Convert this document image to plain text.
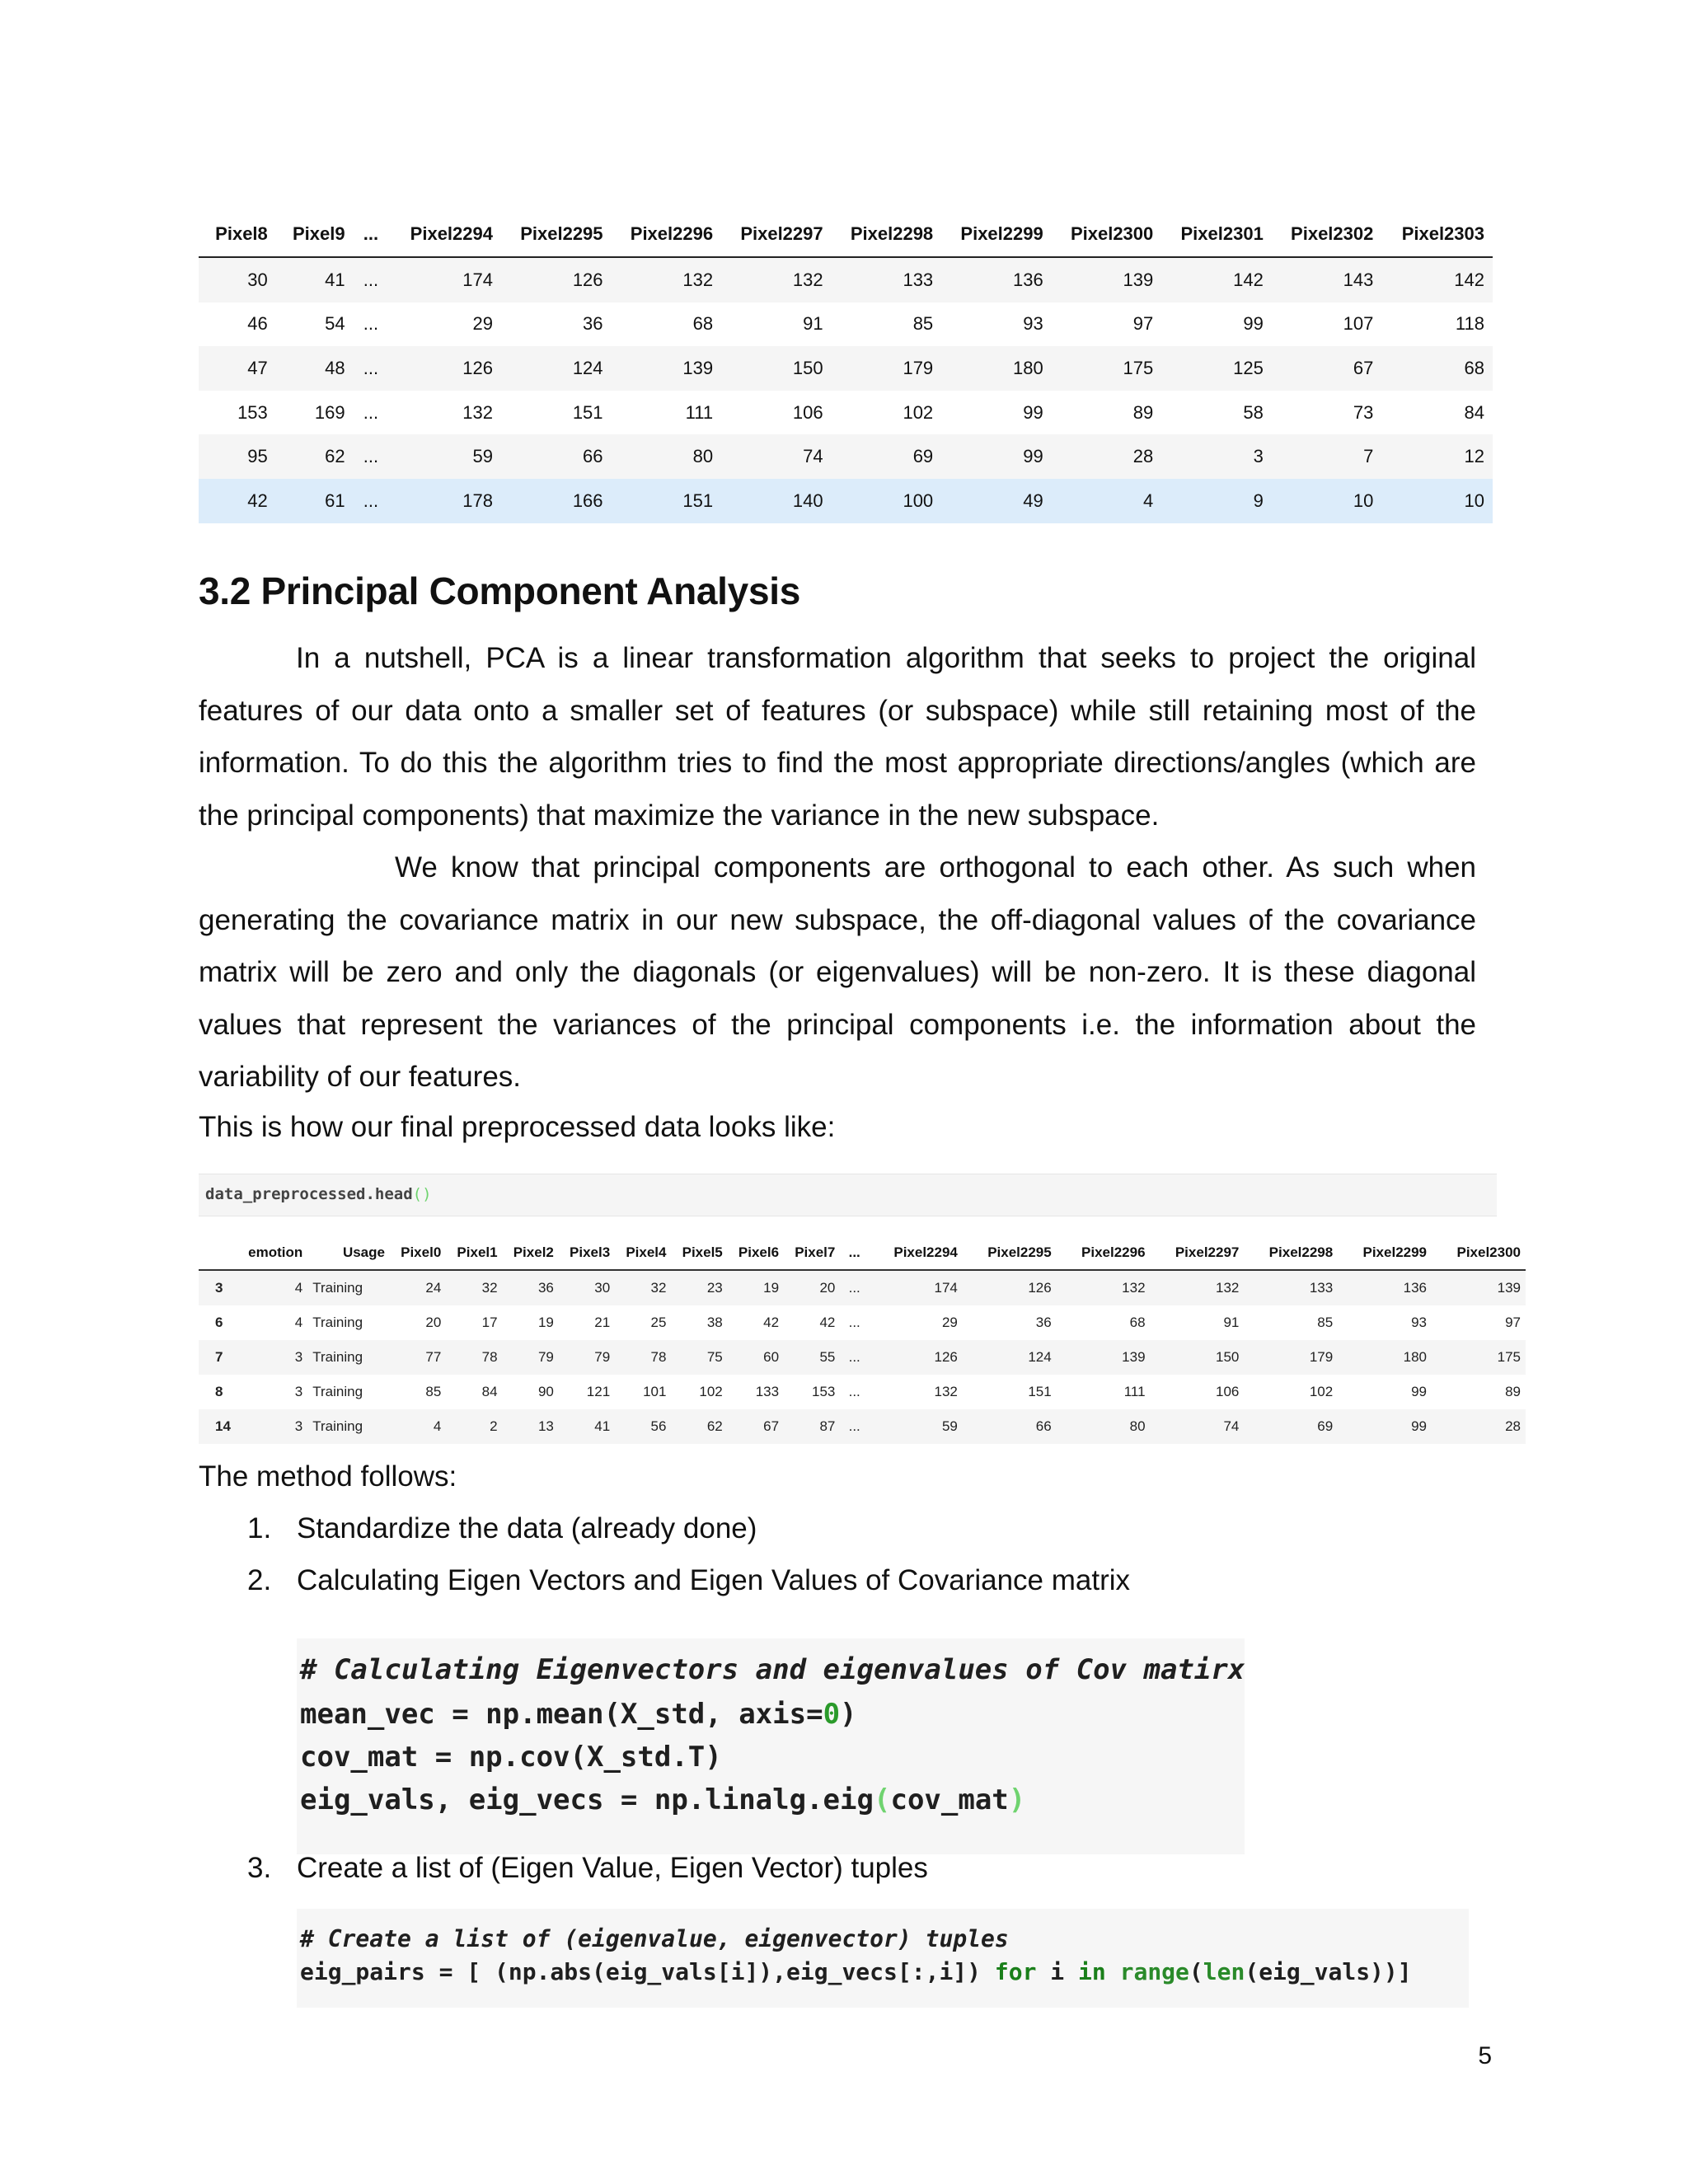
Pixel8	Pixel9	...	Pixel2294	Pixel2295	Pixel2296	Pixel2297	Pixel2298	Pixel2299	Pixel2300	Pixel2301	Pixel2302	Pixel2303
30	41	...	174	126	132	132	133	136	139	142	143	142
46	54	...	29	36	68	91	85	93	97	99	107	118
47	48	...	126	124	139	150	179	180	175	125	67	68
153	169	...	132	151	111	106	102	99	89	58	73	84
95	62	...	59	66	80	74	69	99	28	3	7	12
42	61	...	178	166	151	140	100	49	4	9	10	10
3.2 Principal Component Analysis
In a nutshell, PCA is a linear transformation algorithm that seeks to project the original features of our data onto a smaller set of features (or subspace) while still retaining most of the information. To do this the algorithm tries to find the most appropriate directions/angles (which are the principal components) that maximize the variance in the new subspace.
We know that principal components are orthogonal to each other. As such when generating the covariance matrix in our new subspace, the off-diagonal values of the covariance matrix will be zero and only the diagonals (or eigenvalues) will be non-zero. It is these diagonal values that represent the variances of the principal components i.e. the information about the variability of our features.
This is how our final preprocessed data looks like:
data_preprocessed.head()
	emotion	Usage	Pixel0	Pixel1	Pixel2	Pixel3	Pixel4	Pixel5	Pixel6	Pixel7	...	Pixel2294	Pixel2295	Pixel2296	Pixel2297	Pixel2298	Pixel2299	Pixel2300
3	4	Training	24	32	36	30	32	23	19	20	...	174	126	132	132	133	136	139
6	4	Training	20	17	19	21	25	38	42	42	...	29	36	68	91	85	93	97
7	3	Training	77	78	79	79	78	75	60	55	...	126	124	139	150	179	180	175
8	3	Training	85	84	90	121	101	102	133	153	...	132	151	111	106	102	99	89
14	3	Training	4	2	13	41	56	62	67	87	...	59	66	80	74	69	99	28
The method follows:
1. Standardize the data (already done)
2. Calculating Eigen Vectors and Eigen Values of Covariance matrix

# Calculating Eigenvectors and eigenvalues of Cov matirx

mean_vec = np.mean(X_std, axis=0)

cov_mat = np.cov(X_std.T)

eig_vals, eig_vecs = np.linalg.eig(cov_mat)

3. Create a list of (Eigen Value, Eigen Vector) tuples

# Create a list of (eigenvalue, eigenvector) tuples

eig_pairs = [ (np.abs(eig_vals[i]),eig_vecs[:,i]) for i in range(len(eig_vals))]

5
